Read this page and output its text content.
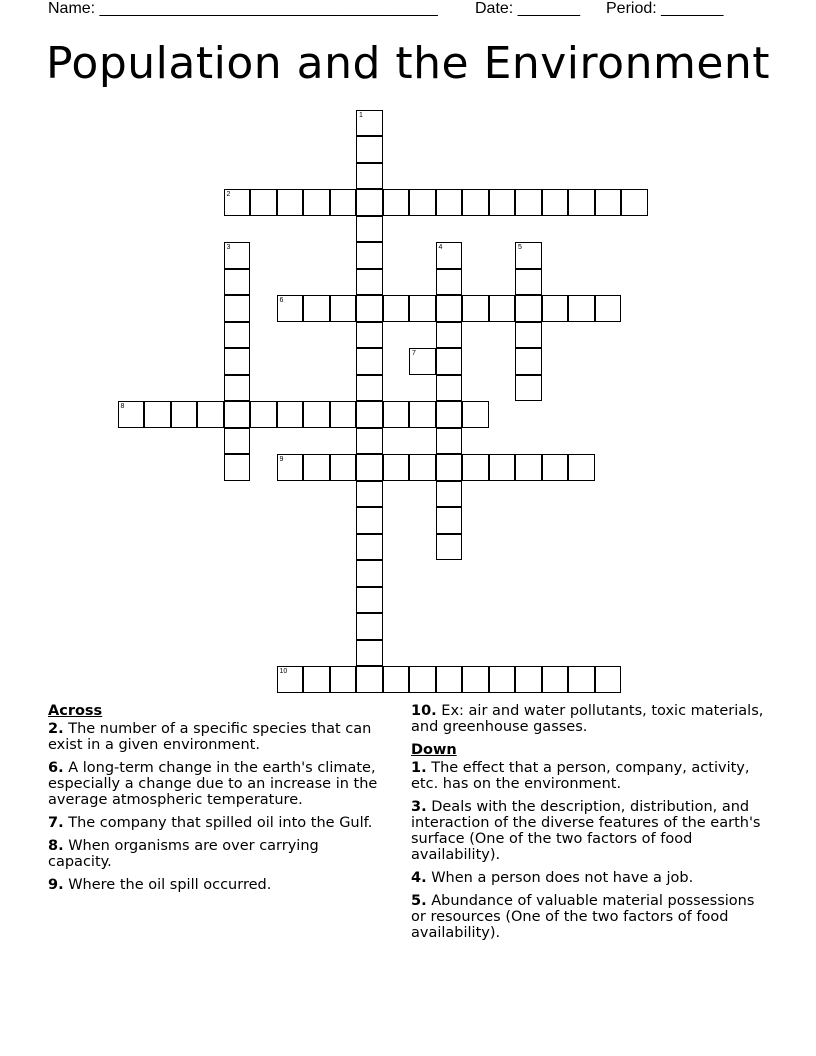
Name: ______________________________________

Date: _______

Period: _______

Population and the Environment
1
2
3	4	5
6
7
8
9
10
Across
2. The number of a specific species that can exist in a given environment.
6. A long-term change in the earth's climate, especially a change due to an increase in the average atmospheric temperature.
7. The company that spilled oil into the Gulf.
8. When organisms are over carrying capacity.
9. Where the oil spill occurred.
10. Ex: air and water pollutants, toxic materials, and greenhouse gasses.
Down
1. The effect that a person, company, activity, etc. has on the environment.
3. Deals with the description, distribution, and interaction of the diverse features of the earth's surface (One of the two factors of food availability).
4. When a person does not have a job.
5. Abundance of valuable material possessions or resources (One of the two factors of food availability).
